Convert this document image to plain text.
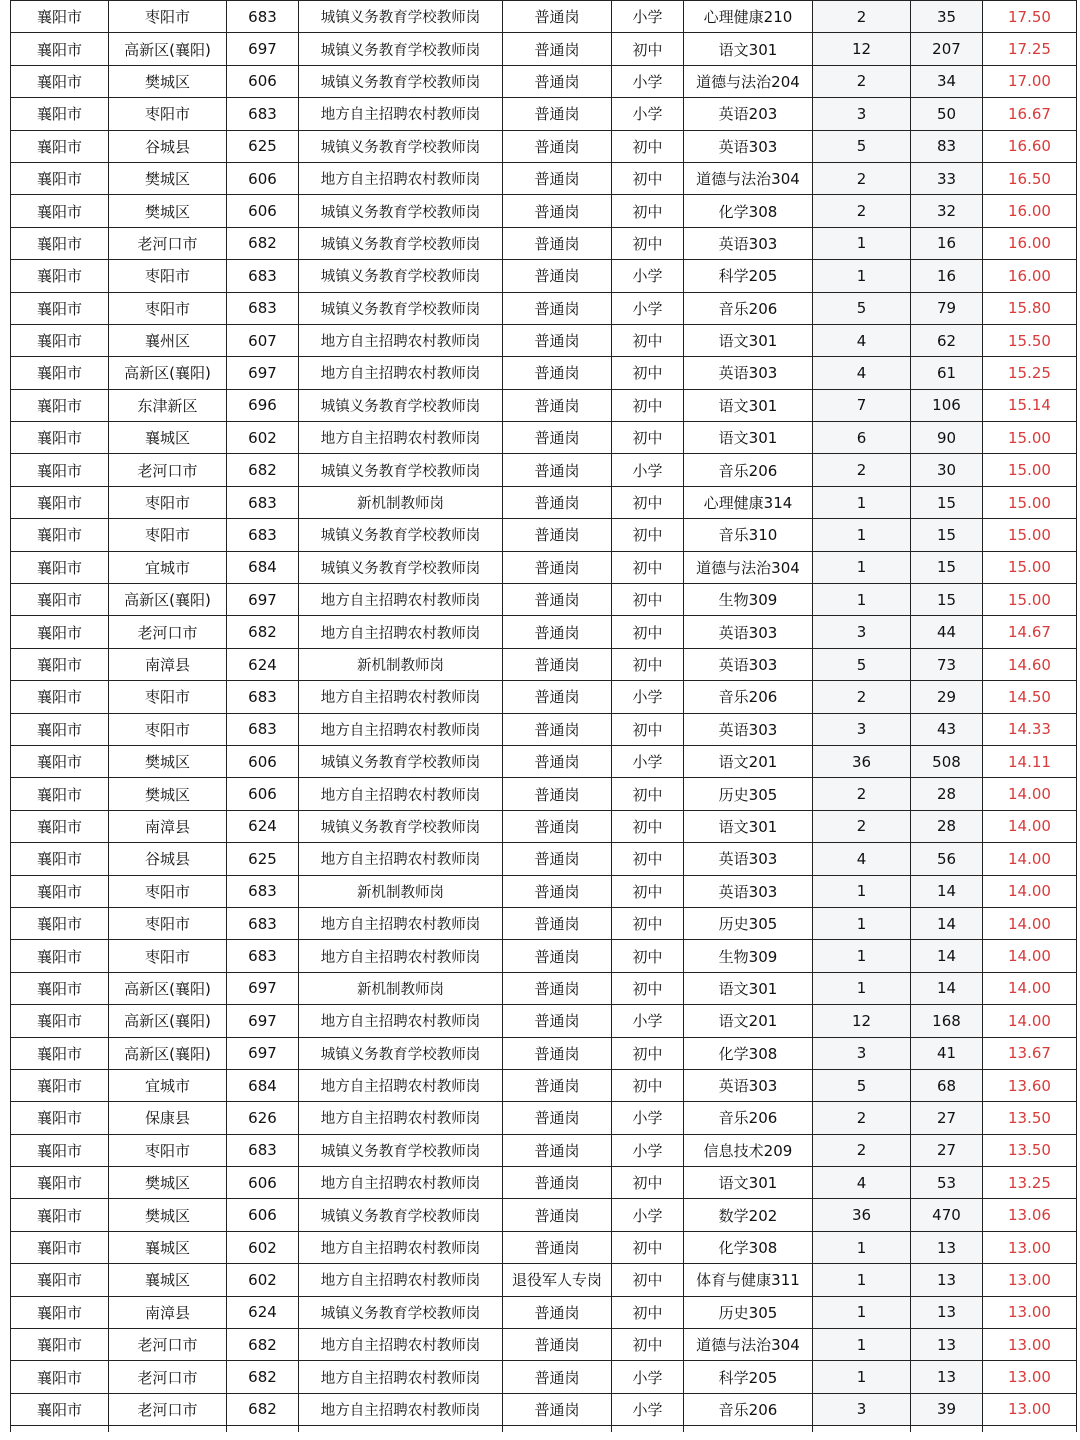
襄阳市	枣阳市	683	城镇义务教育学校教师岗	普通岗	小学	心理健康210	2	35	17.50
襄阳市	高新区(襄阳)	697	城镇义务教育学校教师岗	普通岗	初中	语文301	12	207	17.25
襄阳市	樊城区	606	城镇义务教育学校教师岗	普通岗	小学	道德与法治204	2	34	17.00
襄阳市	枣阳市	683	地方自主招聘农村教师岗	普通岗	小学	英语203	3	50	16.67
襄阳市	谷城县	625	城镇义务教育学校教师岗	普通岗	初中	英语303	5	83	16.60
襄阳市	樊城区	606	地方自主招聘农村教师岗	普通岗	初中	道德与法治304	2	33	16.50
襄阳市	樊城区	606	城镇义务教育学校教师岗	普通岗	初中	化学308	2	32	16.00
襄阳市	老河口市	682	城镇义务教育学校教师岗	普通岗	初中	英语303	1	16	16.00
襄阳市	枣阳市	683	城镇义务教育学校教师岗	普通岗	小学	科学205	1	16	16.00
襄阳市	枣阳市	683	城镇义务教育学校教师岗	普通岗	小学	音乐206	5	79	15.80
襄阳市	襄州区	607	地方自主招聘农村教师岗	普通岗	初中	语文301	4	62	15.50
襄阳市	高新区(襄阳)	697	地方自主招聘农村教师岗	普通岗	初中	英语303	4	61	15.25
襄阳市	东津新区	696	城镇义务教育学校教师岗	普通岗	初中	语文301	7	106	15.14
襄阳市	襄城区	602	地方自主招聘农村教师岗	普通岗	初中	语文301	6	90	15.00
襄阳市	老河口市	682	城镇义务教育学校教师岗	普通岗	小学	音乐206	2	30	15.00
襄阳市	枣阳市	683	新机制教师岗	普通岗	初中	心理健康314	1	15	15.00
襄阳市	枣阳市	683	城镇义务教育学校教师岗	普通岗	初中	音乐310	1	15	15.00
襄阳市	宜城市	684	城镇义务教育学校教师岗	普通岗	初中	道德与法治304	1	15	15.00
襄阳市	高新区(襄阳)	697	地方自主招聘农村教师岗	普通岗	初中	生物309	1	15	15.00
襄阳市	老河口市	682	地方自主招聘农村教师岗	普通岗	初中	英语303	3	44	14.67
襄阳市	南漳县	624	新机制教师岗	普通岗	初中	英语303	5	73	14.60
襄阳市	枣阳市	683	地方自主招聘农村教师岗	普通岗	小学	音乐206	2	29	14.50
襄阳市	枣阳市	683	地方自主招聘农村教师岗	普通岗	初中	英语303	3	43	14.33
襄阳市	樊城区	606	城镇义务教育学校教师岗	普通岗	小学	语文201	36	508	14.11
襄阳市	樊城区	606	地方自主招聘农村教师岗	普通岗	初中	历史305	2	28	14.00
襄阳市	南漳县	624	城镇义务教育学校教师岗	普通岗	初中	语文301	2	28	14.00
襄阳市	谷城县	625	地方自主招聘农村教师岗	普通岗	初中	英语303	4	56	14.00
襄阳市	枣阳市	683	新机制教师岗	普通岗	初中	英语303	1	14	14.00
襄阳市	枣阳市	683	地方自主招聘农村教师岗	普通岗	初中	历史305	1	14	14.00
襄阳市	枣阳市	683	地方自主招聘农村教师岗	普通岗	初中	生物309	1	14	14.00
襄阳市	高新区(襄阳)	697	新机制教师岗	普通岗	初中	语文301	1	14	14.00
襄阳市	高新区(襄阳)	697	地方自主招聘农村教师岗	普通岗	小学	语文201	12	168	14.00
襄阳市	高新区(襄阳)	697	城镇义务教育学校教师岗	普通岗	初中	化学308	3	41	13.67
襄阳市	宜城市	684	地方自主招聘农村教师岗	普通岗	初中	英语303	5	68	13.60
襄阳市	保康县	626	地方自主招聘农村教师岗	普通岗	小学	音乐206	2	27	13.50
襄阳市	枣阳市	683	城镇义务教育学校教师岗	普通岗	小学	信息技术209	2	27	13.50
襄阳市	樊城区	606	地方自主招聘农村教师岗	普通岗	初中	语文301	4	53	13.25
襄阳市	樊城区	606	城镇义务教育学校教师岗	普通岗	小学	数学202	36	470	13.06
襄阳市	襄城区	602	地方自主招聘农村教师岗	普通岗	初中	化学308	1	13	13.00
襄阳市	襄城区	602	地方自主招聘农村教师岗	退役军人专岗	初中	体育与健康311	1	13	13.00
襄阳市	南漳县	624	城镇义务教育学校教师岗	普通岗	初中	历史305	1	13	13.00
襄阳市	老河口市	682	地方自主招聘农村教师岗	普通岗	初中	道德与法治304	1	13	13.00
襄阳市	老河口市	682	地方自主招聘农村教师岗	普通岗	小学	科学205	1	13	13.00
襄阳市	老河口市	682	地方自主招聘农村教师岗	普通岗	小学	音乐206	3	39	13.00
